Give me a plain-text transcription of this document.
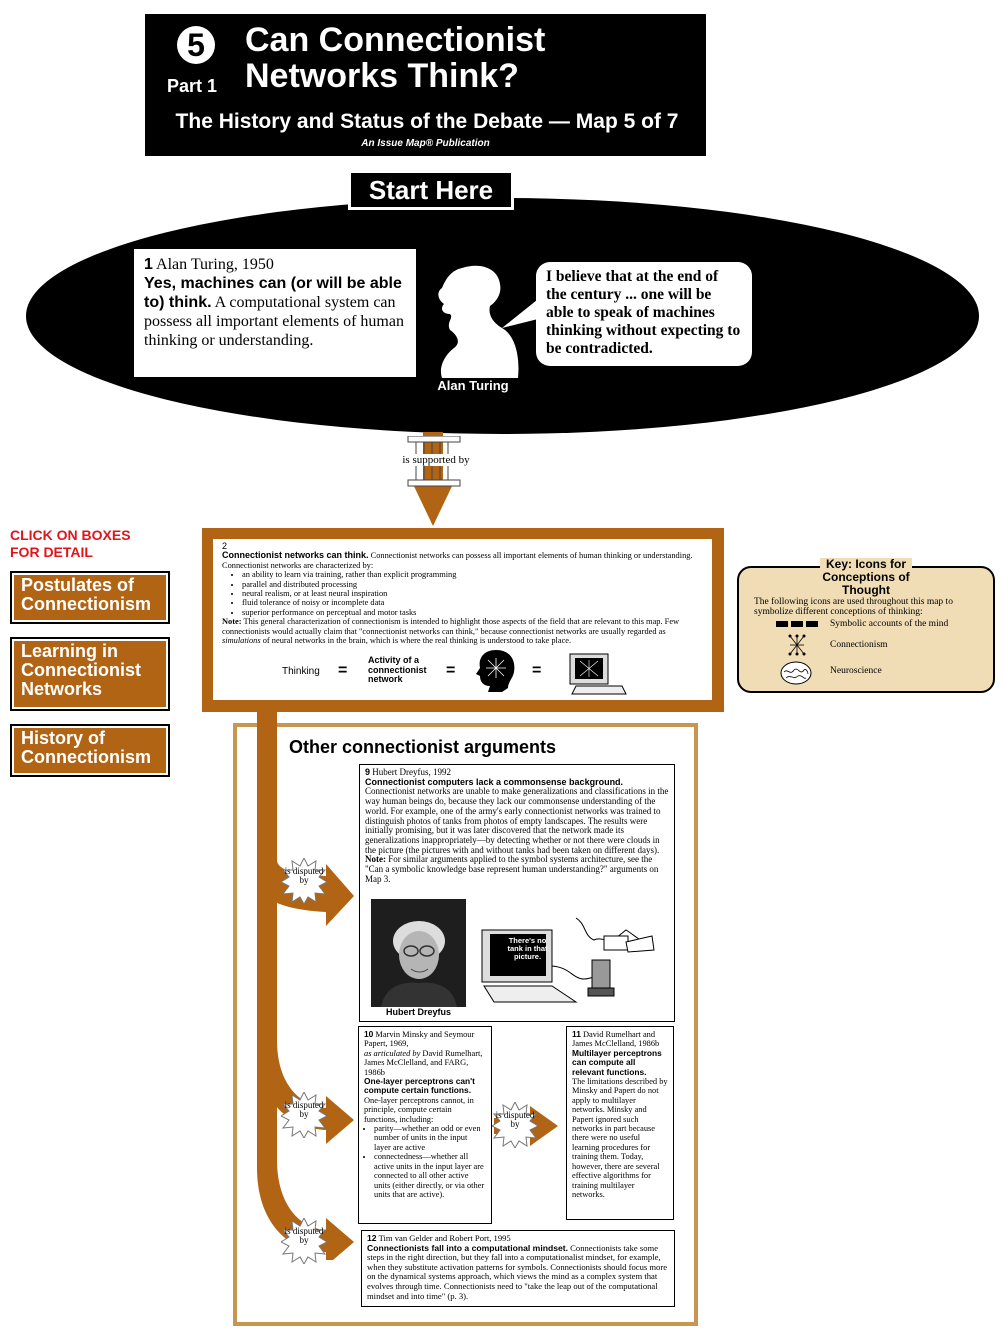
5
Part 1
Can Connectionist Networks Think?
The History and Status of the Debate — Map 5 of 7
An Issue Map® Publication
Start Here
1 Alan Turing, 1950
Yes, machines can (or will be able to) think. A computational system can possess all important elements of human thinking or understanding.
I believe that at the end of the century ... one will be able to speak of machines thinking without expecting to be contradicted.
Alan Turing
is supported by
CLICK ON BOXES FOR DETAIL
Postulates of Connectionism
Learning in Connectionist Networks
History of Connectionism
2
Connectionist networks can think. Connectionist networks can possess all important elements of human thinking or understanding. Connectionist networks are characterized by:
• an ability to learn via training, rather than explicit programming
• parallel and distributed processing
• neural realism, or at least neural inspiration
• fluid tolerance of noisy or incomplete data
• superior performance on perceptual and motor tasks
Note: This general characterization of connectionism is intended to highlight those aspects of the field that are relevant to this map. Few connectionists would actually claim that "connectionist networks can think," because connectionist networks are usually regarded as simulations of neural networks in the brain, which is where the real thinking is understood to take place.
Thinking =
Activity of a connectionist network	=	=
Key: Icons for Conceptions of Thought
The following icons are used throughout this map to symbolize different conceptions of thinking:
Symbolic accounts of the mind
Connectionism
Neuroscience
Other connectionist arguments
is disputed by
is disputed by
is disputed by
9 Hubert Dreyfus, 1992
Connectionist computers lack a commonsense background.
Connectionist networks are unable to make generalizations and classifications in the way human beings do, because they lack our commonsense understanding of the world. For example, one of the army's early connectionist networks was trained to distinguish photos of tanks from photos of empty landscapes. The results were initially promising, but it was later discovered that the network made its generalizations inappropriately—by detecting whether or not there were clouds in the picture (the pictures with and without tanks had been taken on different days).
Note: For similar arguments applied to the symbol systems architecture, see the "Can a symbolic knowledge base represent human understanding?" arguments on Map 3.
Hubert Dreyfus
There's no tank in that picture.
10 Marvin Minsky and Seymour Papert, 1969,
as articulated by David Rumelhart, James McClelland, and FARG, 1986b
One-layer perceptrons can't compute certain functions. One-layer perceptrons cannot, in principle, compute certain functions, including:
• parity—whether an odd or even number of units in the input layer are active
• connectedness—whether all active units in the input layer are connected to all other active units (either directly, or via other units that are active).
is disputed by
11 David Rumelhart and James McClelland, 1986b
Multilayer perceptrons can compute all relevant functions.
The limitations described by Minsky and Papert do not apply to multilayer networks. Minsky and Papert ignored such networks in part because there were no useful learning procedures for training them. Today, however, there are several effective algorithms for training multilayer networks.
12 Tim van Gelder and Robert Port, 1995
Connectionists fall into a computational mindset. Connectionists take some steps in the right direction, but they fall into a computationalist mindset, for example, when they substitute activation patterns for symbols. Connectionists should focus more on the dynamical systems approach, which views the mind as a complex system that evolves through time. Connectionists need to "take the leap out of the computational mindset and into time" (p. 3).
